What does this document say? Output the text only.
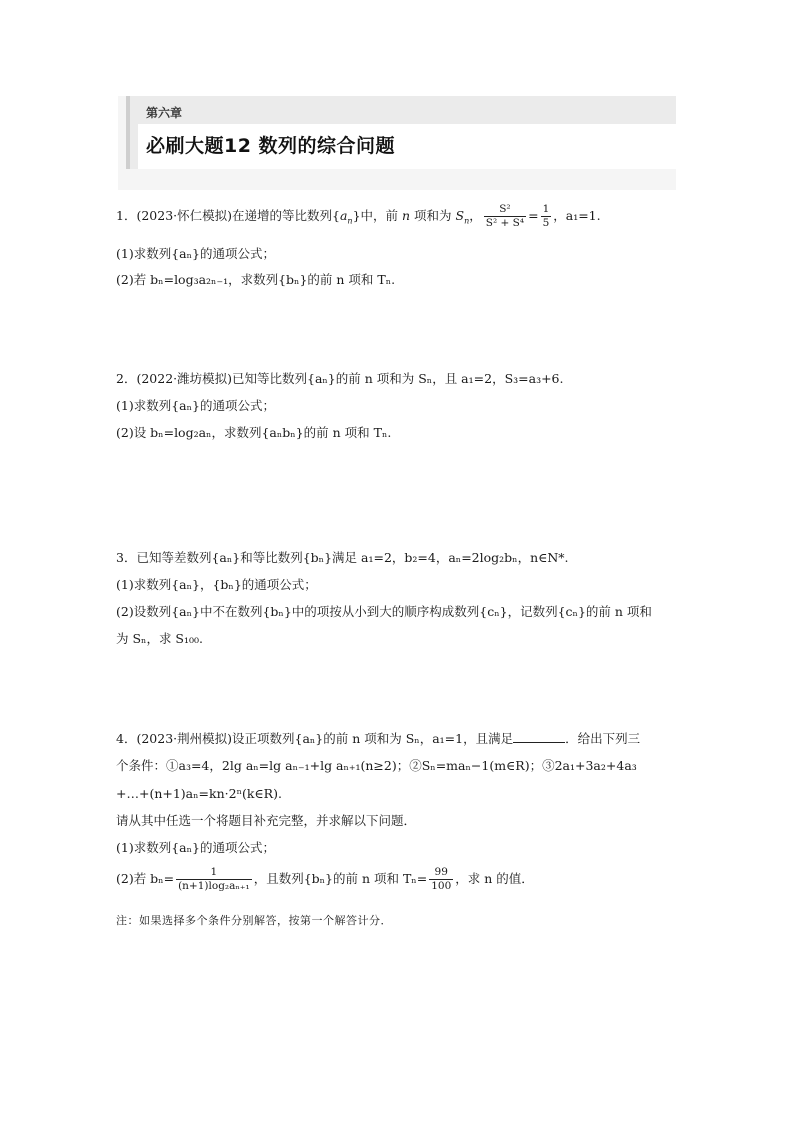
第六章
必刷大题12 数列的综合问题
1．(2023·怀仁模拟)在递增的等比数列$\{a_n\}$中，前 n 项和为 $S_n$， $\frac{\text{S²}}{\text{S² + S⁴}} = \frac{1}{5}$ ，a₁=1.
(1)求数列{aₙ}的通项公式；
(2)若 bₙ=log₃a₂ₙ₋₁，求数列{bₙ}的前 n 项和 Tₙ.
2．(2022·潍坊模拟)已知等比数列{aₙ}的前 n 项和为 Sₙ，且 a₁=2，S₃=a₃+6.
(1)求数列{aₙ}的通项公式；
(2)设 bₙ=log₂aₙ，求数列{aₙbₙ}的前 n 项和 Tₙ.
3．已知等差数列{aₙ}和等比数列{bₙ}满足 a₁=2，b₂=4，aₙ=2log₂bₙ，n∈N*.
(1)求数列{aₙ}，{bₙ}的通项公式；
(2)设数列{aₙ}中不在数列{bₙ}中的项按从小到大的顺序构成数列{cₙ}，记数列{cₙ}的前 n 项和
为 Sₙ，求 S₁₀₀.
4．(2023·荆州模拟)设正项数列{aₙ}的前 n 项和为 Sₙ，a₁=1，且满足	．给出下列三
个条件：①a₃=4，2lg aₙ=lg aₙ₋₁+lg aₙ₊₁(n≥2)；②Sₙ=maₙ−1(m∈R)；③2a₁+3a₂+4a₃
+…+(n+1)aₙ=kn·2ⁿ(k∈R).
请从其中任选一个将题目补充完整，并求解以下问题．
(1)求数列{aₙ}的通项公式；
(2)若 $b_n= \frac{1}{\text{(n+1)log₂aₙ₊₁}}$ ，且数列{bₙ}的前 n 项和 $T_n= \frac{99}{100}$ ，求 n 的值．
注：如果选择多个条件分别解答，按第一个解答计分．
